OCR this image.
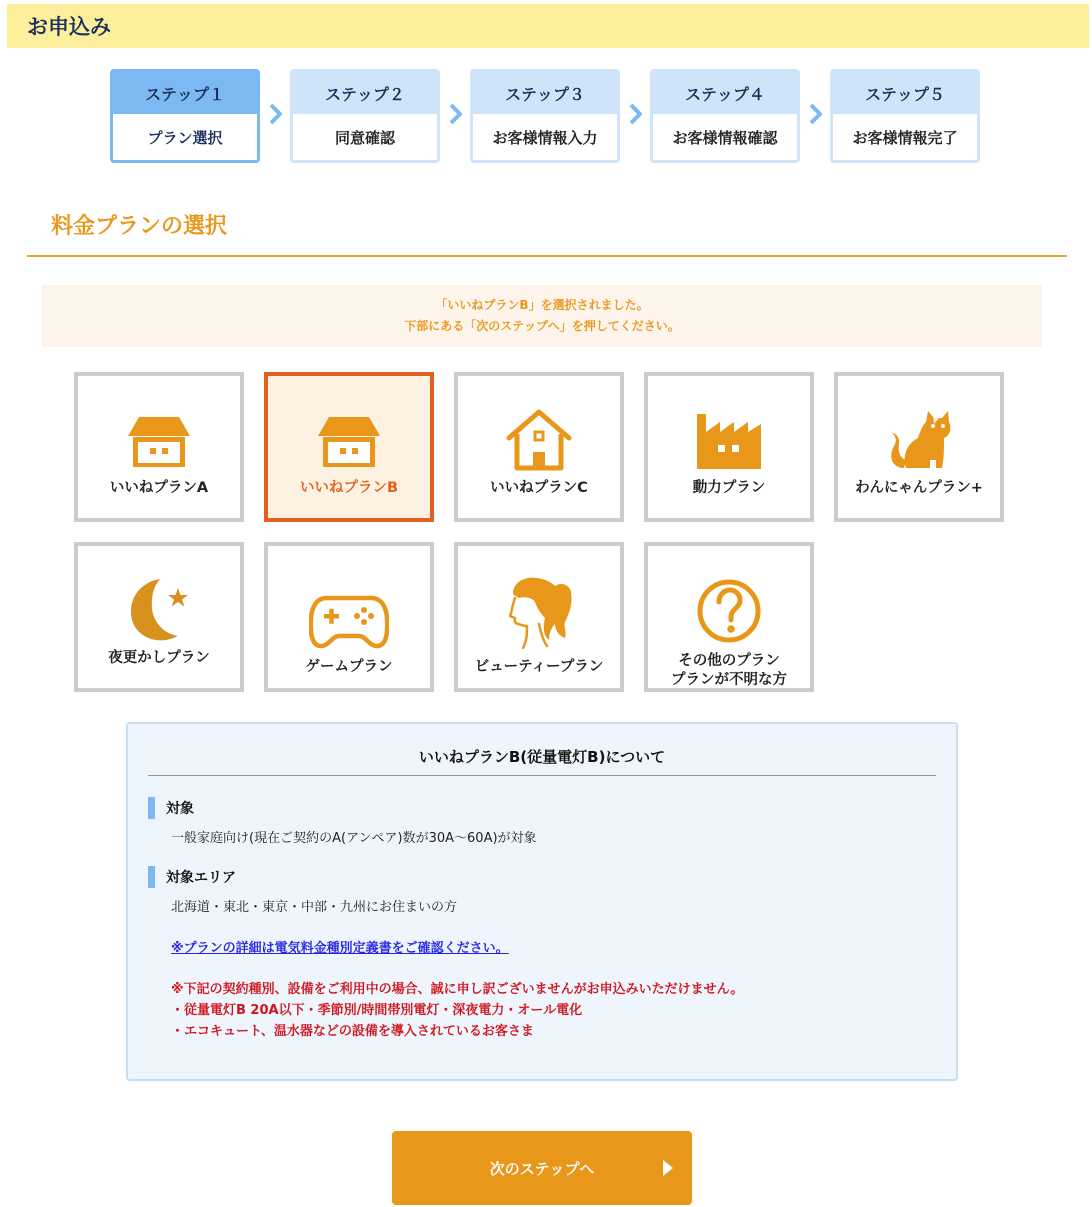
お申込み
ステップ１
プラン選択
ステップ２
同意確認
ステップ３
お客様情報入力
ステップ４
お客様情報確認
ステップ５
お客様情報完了
料金プランの選択
「いいねプランB」を選択されました。
下部にある「次のステップへ」を押してください。
いいねプランA	いいねプランB	いいねプランC	動力プラン	わんにゃんプラン+
夜更かしプラン
ゲームプラン	ビューティープラン	その他のプラン
プランが不明な方
いいねプランB(従量電灯B)について
対象
一般家庭向け(現在ご契約のA(アンペア)数が30A〜60A)が対象
対象エリア
北海道・東北・東京・中部・九州にお住まいの方
※プランの詳細は電気料金種別定義書をご確認ください。
※下記の契約種別、設備をご利用中の場合、誠に申し訳ございませんがお申込みいただけません。
・従量電灯B 20A以下・季節別/時間帯別電灯・深夜電力・オール電化
・エコキュート、温水器などの設備を導入されているお客さま
次のステップへ
